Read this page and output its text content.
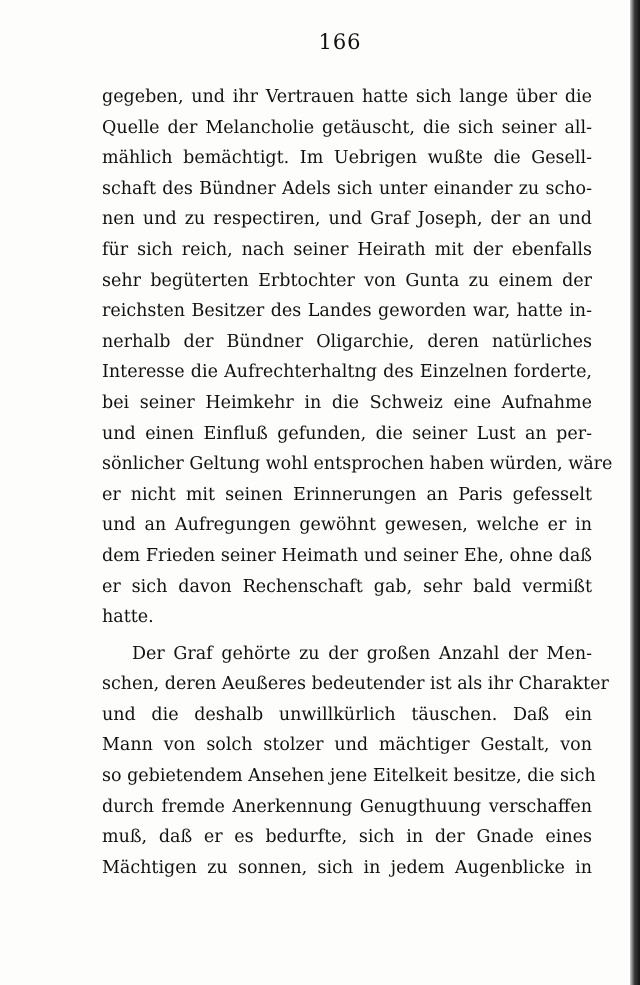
166
gegeben, und ihr Vertrauen hatte sich lange über die
Quelle der Melancholie getäuscht, die sich seiner all-
mählich bemächtigt. Im Uebrigen wußte die Gesell-
schaft des Bündner Adels sich unter einander zu scho-
nen und zu respectiren, und Graf Joseph, der an und
für sich reich, nach seiner Heirath mit der ebenfalls
sehr begüterten Erbtochter von Gunta zu einem der
reichsten Besitzer des Landes geworden war, hatte in-
nerhalb der Bündner Oligarchie, deren natürliches
Interesse die Aufrechterhaltng des Einzelnen forderte,
bei seiner Heimkehr in die Schweiz eine Aufnahme
und einen Einfluß gefunden, die seiner Lust an per-
sönlicher Geltung wohl entsprochen haben würden, wäre
er nicht mit seinen Erinnerungen an Paris gefesselt
und an Aufregungen gewöhnt gewesen, welche er in
dem Frieden seiner Heimath und seiner Ehe, ohne daß
er sich davon Rechenschaft gab, sehr bald vermißt
hatte.
Der Graf gehörte zu der großen Anzahl der Men-
schen, deren Aeußeres bedeutender ist als ihr Charakter
und die deshalb unwillkürlich täuschen. Daß ein
Mann von solch stolzer und mächtiger Gestalt, von
so gebietendem Ansehen jene Eitelkeit besitze, die sich
durch fremde Anerkennung Genugthuung verschaffen
muß, daß er es bedurfte, sich in der Gnade eines
Mächtigen zu sonnen, sich in jedem Augenblicke in
